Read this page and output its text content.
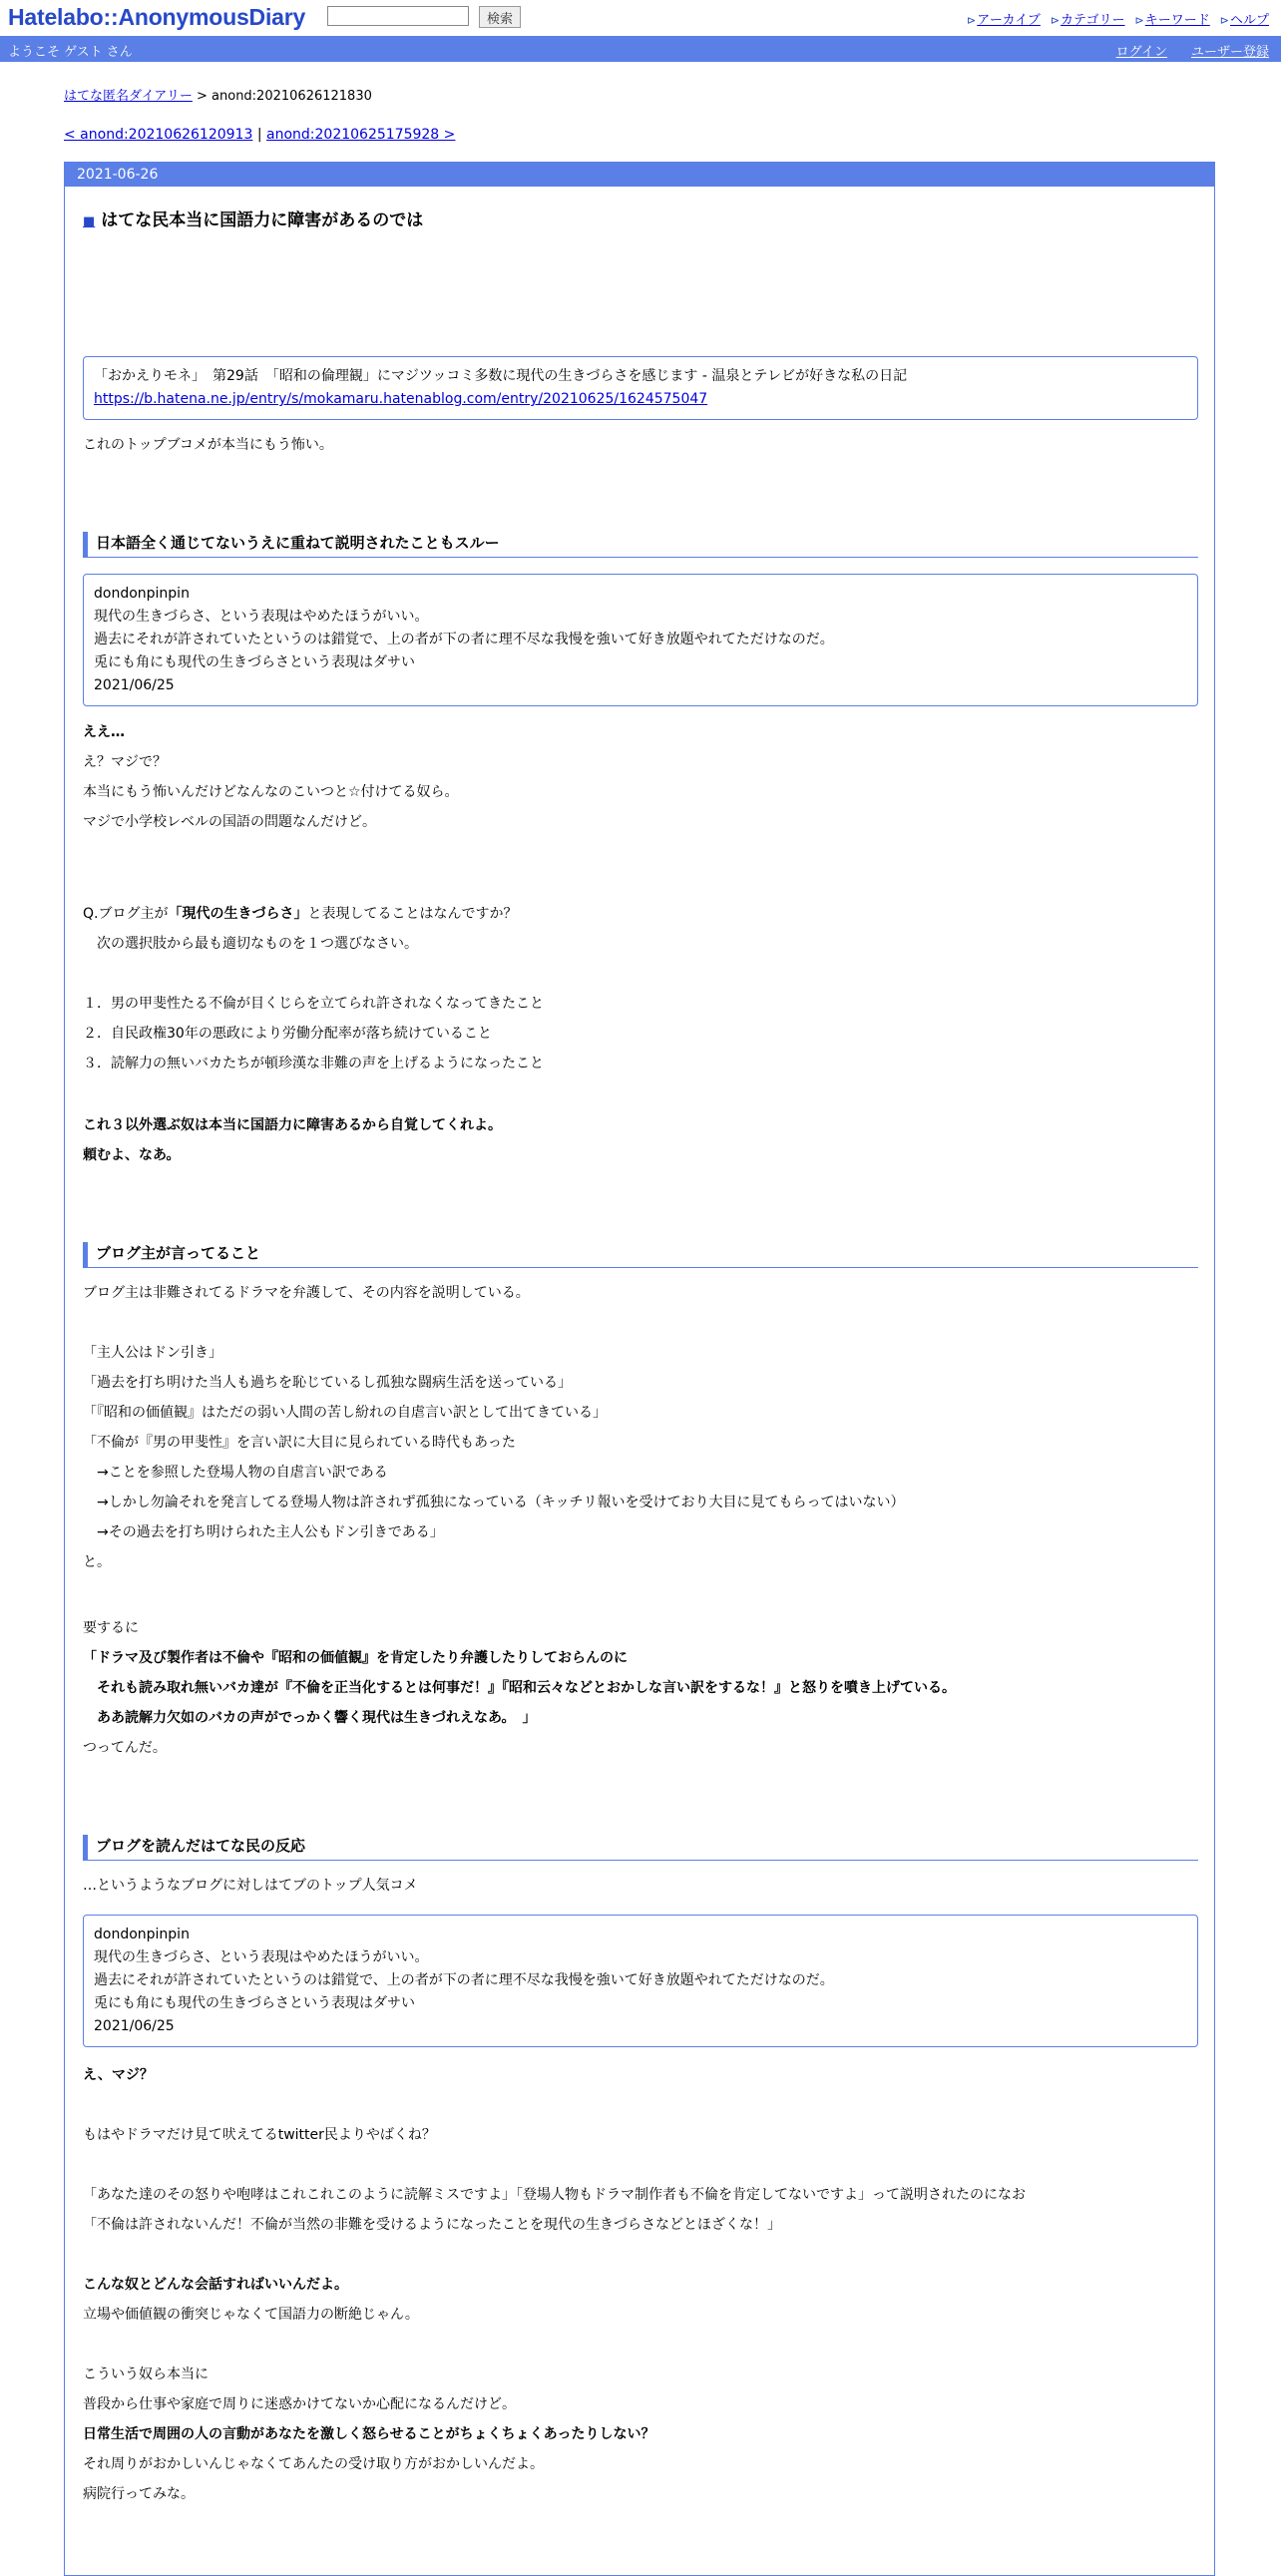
Hatelabo::AnonymousDiary	検索	⊳ アーカイブ	⊳ カテゴリー	⊳ キーワード	⊳ ヘルプ
ようこそ ゲスト さん	ログイン ユーザー登録
はてな匿名ダイアリー > anond:20210626121830
< anond:20210626120913 | anond:20210625175928 >
2021-06-26
■ はてな民本当に国語力に障害があるのでは

「おかえりモネ」　第29話　「昭和の倫理観」にマジツッコミ多数に現代の生きづらさを感じます - 温泉とテレビが好きな私の日記

https://b.hatena.ne.jp/entry/s/mokamaru.hatenablog.com/entry/20210625/1624575047

これのトップブコメが本当にもう怖い。

日本語全く通じてないうえに重ねて説明されたこともスルー

dondonpinpin

現代の生きづらさ、という表現はやめたほうがいい。

過去にそれが許されていたというのは錯覚で、上の者が下の者に理不尽な我慢を強いて好き放題やれてただけなのだ。

兎にも角にも現代の生きづらさという表現はダサい

2021/06/25

ええ…

え？マジで？

本当にもう怖いんだけどなんなのこいつと☆付けてる奴ら。

マジで小学校レベルの国語の問題なんだけど。

Q.ブログ主が「現代の生きづらさ」と表現してることはなんですか？

　次の選択肢から最も適切なものを１つ選びなさい。

１．男の甲斐性たる不倫が目くじらを立てられ許されなくなってきたこと

２．自民政権30年の悪政により労働分配率が落ち続けていること

３．読解力の無いバカたちが頓珍漢な非難の声を上げるようになったこと

これ３以外選ぶ奴は本当に国語力に障害あるから自覚してくれよ。

頼むよ、なあ。

ブログ主が言ってること

ブログ主は非難されてるドラマを弁護して、その内容を説明している。

「主人公はドン引き」

「過去を打ち明けた当人も過ちを恥じているし孤独な闘病生活を送っている」

「『昭和の価値観』はただの弱い人間の苦し紛れの自虐言い訳として出てきている」

「不倫が『男の甲斐性』を言い訳に大目に見られている時代もあった

　→ことを参照した登場人物の自虐言い訳である

　→しかし勿論それを発言してる登場人物は許されず孤独になっている（キッチリ報いを受けており大目に見てもらってはいない）

　→その過去を打ち明けられた主人公もドン引きである」

と。

要するに

「ドラマ及び製作者は不倫や『昭和の価値観』を肯定したり弁護したりしておらんのに

　それも読み取れ無いバカ達が『不倫を正当化するとは何事だ！』『昭和云々などとおかしな言い訳をするな！』と怒りを噴き上げている。

　ああ読解力欠如のバカの声がでっかく響く現代は生きづれえなあ。　」

つってんだ。

ブログを読んだはてな民の反応

…というようなブログに対しはてブのトップ人気コメ

dondonpinpin

現代の生きづらさ、という表現はやめたほうがいい。

過去にそれが許されていたというのは錯覚で、上の者が下の者に理不尽な我慢を強いて好き放題やれてただけなのだ。

兎にも角にも現代の生きづらさという表現はダサい

2021/06/25

え、マジ？

もはやドラマだけ見て吠えてるtwitter民よりやばくね？

「あなた達のその怒りや咆哮はこれこれこのように読解ミスですよ」「登場人物もドラマ制作者も不倫を肯定してないですよ」って説明されたのになお

「不倫は許されないんだ！不倫が当然の非難を受けるようになったことを現代の生きづらさなどとほざくな！」

こんな奴とどんな会話すればいいんだよ。

立場や価値観の衝突じゃなくて国語力の断絶じゃん。

こういう奴ら本当に

普段から仕事や家庭で周りに迷惑かけてないか心配になるんだけど。

日常生活で周囲の人の言動があなたを激しく怒らせることがちょくちょくあったりしない？

それ周りがおかしいんじゃなくてあんたの受け取り方がおかしいんだよ。

病院行ってみな。
